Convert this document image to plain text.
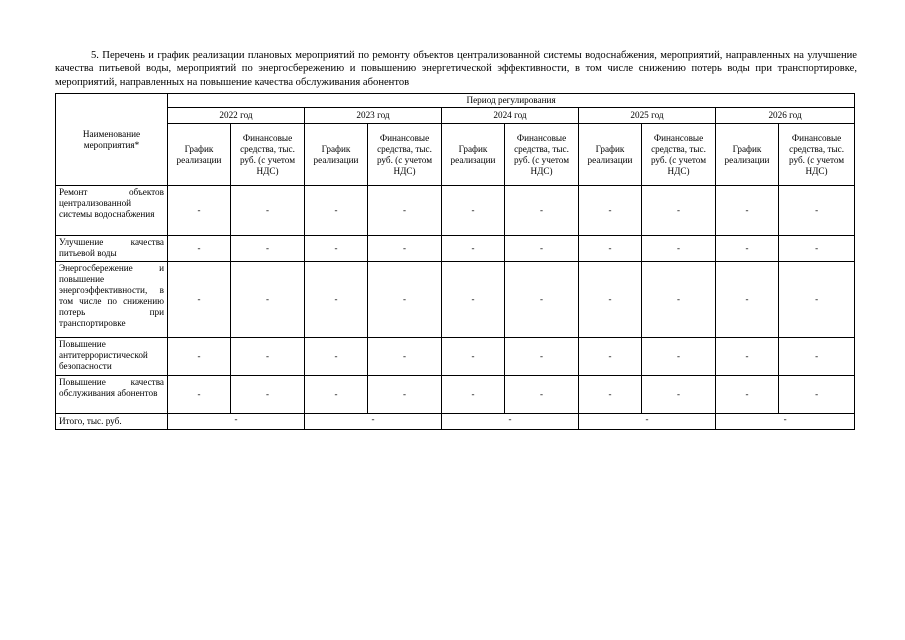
5. Перечень и график реализации плановых мероприятий по ремонту объектов централизованной системы водоснабжения, мероприятий, направленных на улучшение качества питьевой воды, мероприятий по энергосбережению и повышению энергетической эффективности, в том числе снижению потерь воды при транспортировке, мероприятий, направленных на повышение качества обслуживания абонентов

Наименование мероприятия*	Период регулирования									
	2022 год		2023 год		2024 год		2025 год		2026 год	
	График реализации	Финансовые средства, тыс. руб. (с учетом НДС)	График реализации	Финансовые средства, тыс. руб. (с учетом НДС)	График реализации	Финансовые средства, тыс. руб. (с учетом НДС)	График реализации	Финансовые средства, тыс. руб. (с учетом НДС)	График реализации	Финансовые средства, тыс. руб. (с учетом НДС)
Ремонт объектов централизованной системы водоснабжения	-	-	-	-	-	-	-	-	-	-
Улучшение качества питьевой воды	-	-	-	-	-	-	-	-	-	-
Энергосбережение и повышение энергоэффективности, в том числе по снижению потерь при транспортировке	-	-	-	-	-	-	-	-	-	-
Повышение антитеррористической безопасности	-	-	-	-	-	-	-	-	-	-
Повышение качества обслуживания абонентов	-	-	-	-	-	-	-	-	-	-
Итого, тыс. руб.	-		-		-		-		-	
